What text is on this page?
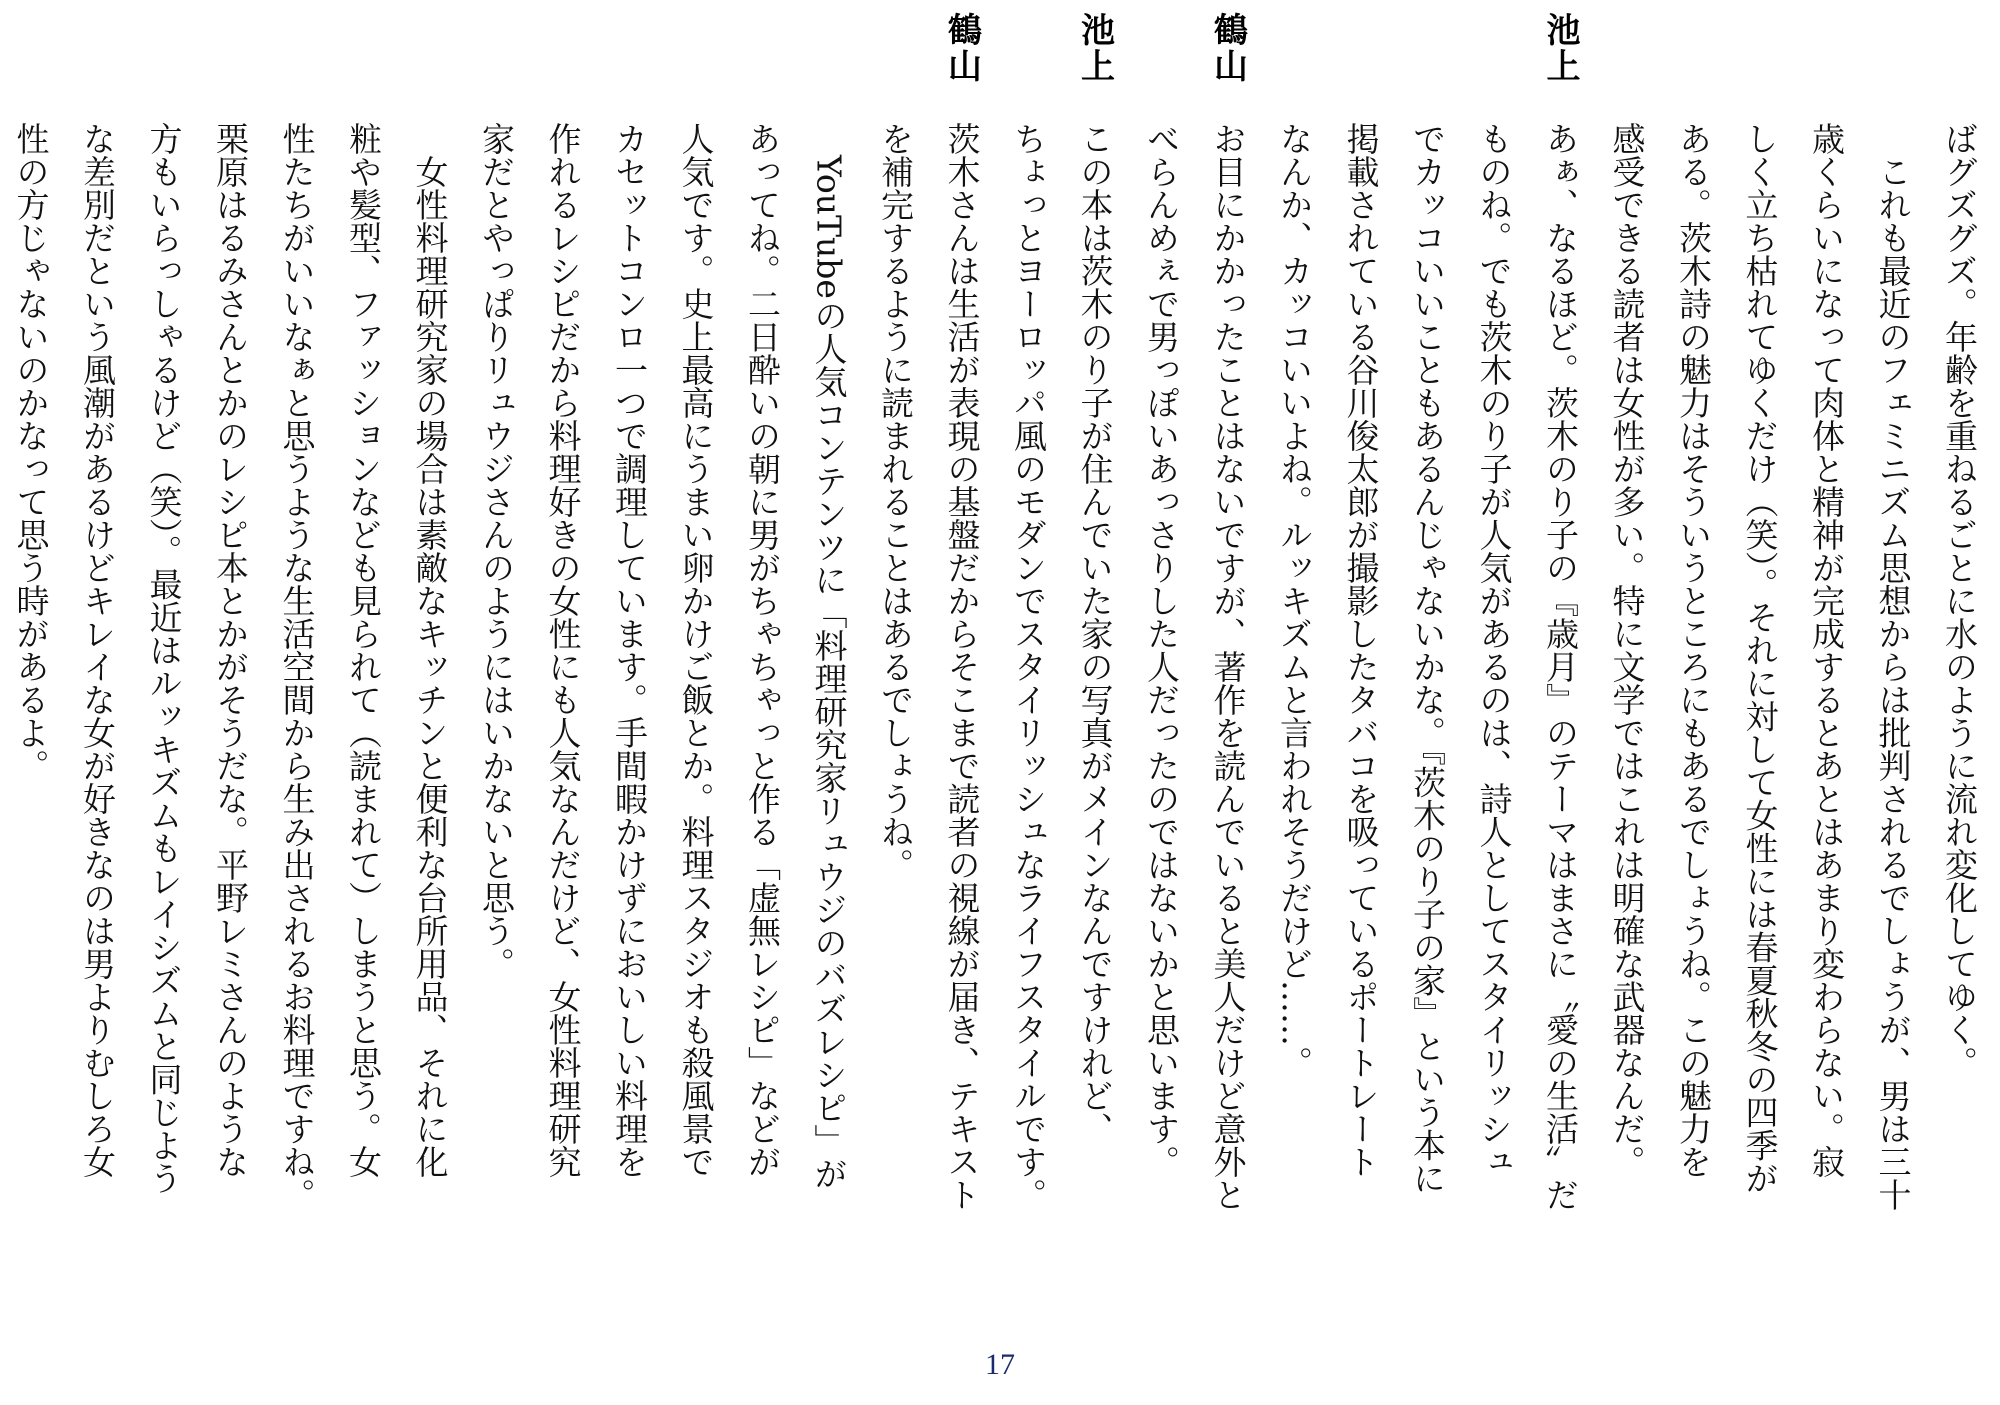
ばグズグズ。年齢を重ねるごとに水のように流れ変化してゆく。
これも最近のフェミニズム思想からは批判されるでしょうが、男は三十
歳くらいになって肉体と精神が完成するとあとはあまり変わらない。寂
しく立ち枯れてゆくだけ（笑）。それに対して女性には春夏秋冬の四季が
ある。茨木詩の魅力はそういうところにもあるでしょうね。この魅力を
感受できる読者は女性が多い。特に文学ではこれは明確な武器なんだ。
池上あぁ、なるほど。茨木のり子の『歳月』のテーマはまさに〝愛の生活〟だ
ものね。でも茨木のり子が人気があるのは、詩人としてスタイリッシュ
でカッコいいこともあるんじゃないかな。『茨木のり子の家』という本に
掲載されている谷川俊太郎が撮影したタバコを吸っているポートレート
なんか、カッコいいよね。ルッキズムと言われそうだけど……。
鶴山お目にかかったことはないですが、著作を読んでいると美人だけど意外と
べらんめぇで男っぽいあっさりした人だったのではないかと思います。
池上この本は茨木のり子が住んでいた家の写真がメインなんですけれど、
ちょっとヨーロッパ風のモダンでスタイリッシュなライフスタイルです。
鶴山茨木さんは生活が表現の基盤だからそこまで読者の視線が届き、テキスト
を補完するように読まれることはあるでしょうね。
YouTubeの人気コンテンツに「料理研究家リュウジのバズレシピ」が
あってね。二日酔いの朝に男がちゃちゃっと作る「虚無レシピ」などが
人気です。史上最高にうまい卵かけご飯とか。料理スタジオも殺風景で
カセットコンロ一つで調理しています。手間暇かけずにおいしい料理を
作れるレシピだから料理好きの女性にも人気なんだけど、女性料理研究
家だとやっぱりリュウジさんのようにはいかないと思う。
女性料理研究家の場合は素敵なキッチンと便利な台所用品、それに化
粧や髪型、ファッションなども見られて（読まれて）しまうと思う。女
性たちがいいなぁと思うような生活空間から生み出されるお料理ですね。
栗原はるみさんとかのレシピ本とかがそうだな。平野レミさんのような
方もいらっしゃるけど（笑）。最近はルッキズムもレイシズムと同じよう
な差別だという風潮があるけどキレイな女が好きなのは男よりむしろ女
性の方じゃないのかなって思う時があるよ。
17
